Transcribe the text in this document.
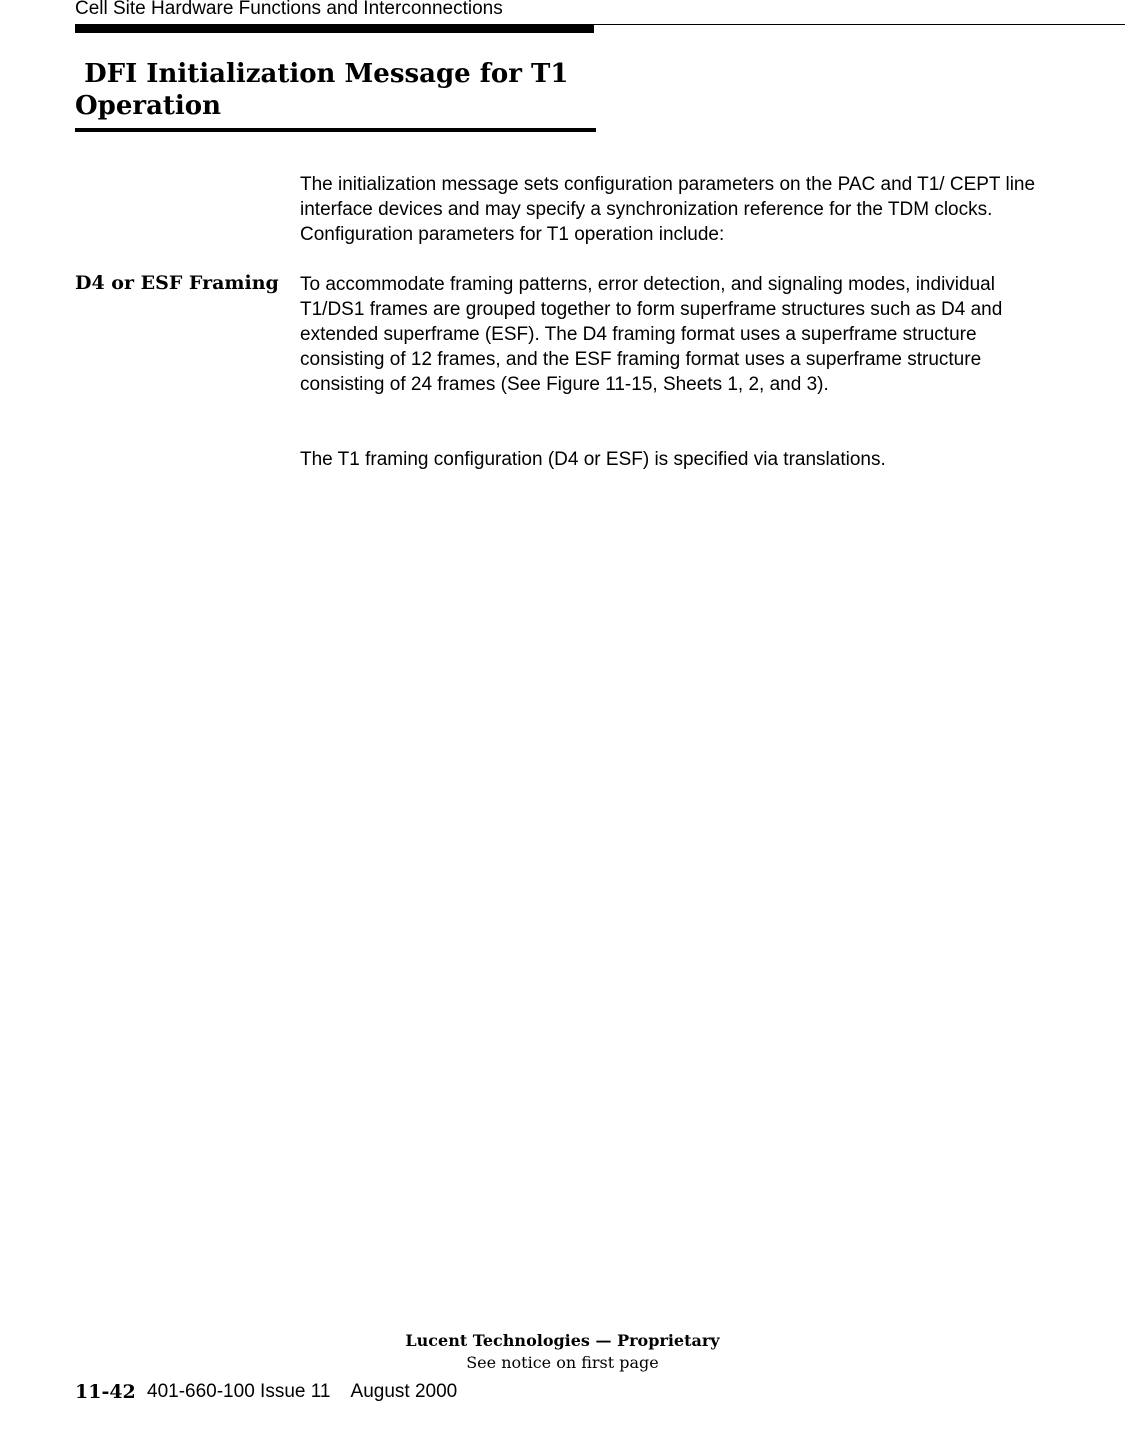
Cell Site Hardware Functions and Interconnections
DFI Initialization Message for T1
Operation

The initialization message sets configuration parameters on the PAC and T1/ CEPT line interface devices and may specify a synchronization reference for the TDM clocks. Configuration parameters for T1 operation include:

D4 or ESF Framing To accommodate framing patterns, error detection, and signaling modes, individual T1/DS1 frames are grouped together to form superframe structures such as D4 and extended superframe (ESF). The D4 framing format uses a superframe structure consisting of 12 frames, and the ESF framing format uses a superframe structure consisting of 24 frames (See Figure 11-15, Sheets 1, 2, and 3).

The T1 framing configuration (D4 or ESF) is specified via translations.

Lucent Technologies — Proprietary
See notice on first page
11-42 401-660-100 Issue 11    August 2000
